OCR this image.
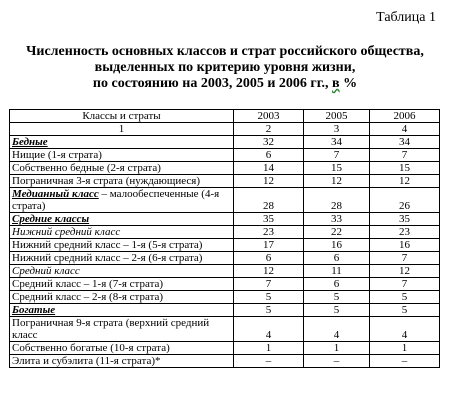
Таблица 1
Численность основных классов и страт российского общества,
выделенных по критерию уровня жизни,
по состоянию на 2003, 2005 и 2006 гг., в %
Классы и страты	2003	2005	2006
1	2	3	4
Бедные	32	34	34
Нищие (1-я страта)	6	7	7
Собственно бедные (2-я страта)	14	15	15
Пограничная 3-я страта (нуждающиеся)	12	12	12
Медианный класс – малообеспеченные (4-я страта)	28	28	26
Средние классы	35	33	35
Нижний средний класс	23	22	23
Нижний средний класс – 1-я (5-я страта)	17	16	16
Нижний средний класс – 2-я (6-я страта)	6	6	7
Средний класс	12	11	12
Средний класс – 1-я (7-я страта)	7	6	7
Средний класс – 2-я (8-я страта)	5	5	5
Богатые	5	5	5
Пограничная 9-я страта (верхний средний класс	4	4	4
Собственно богатые (10-я страта)	1	1	1
Элита и субэлита (11-я страта)*	–	–	–
